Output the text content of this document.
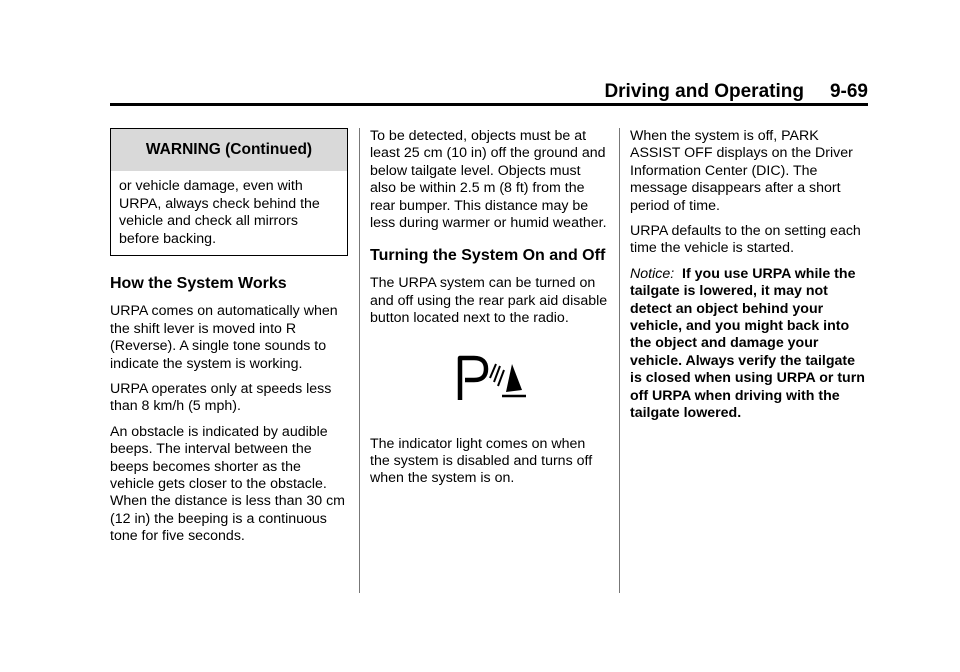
Driving and Operating 9-69
WARNING (Continued)
or vehicle damage, even with URPA, always check behind the vehicle and check all mirrors before backing.
How the System Works

URPA comes on automatically when the shift lever is moved into R (Reverse). A single tone sounds to indicate the system is working.

URPA operates only at speeds less than 8 km/h (5 mph).

An obstacle is indicated by audible beeps. The interval between the beeps becomes shorter as the vehicle gets closer to the obstacle. When the distance is less than 30 cm (12 in) the beeping is a continuous tone for five seconds.

To be detected, objects must be at least 25 cm (10 in) off the ground and below tailgate level. Objects must also be within 2.5 m (8 ft) from the rear bumper. This distance may be less during warmer or humid weather.

Turning the System On and Off

The URPA system can be turned on and off using the rear park aid disable button located next to the radio.

The indicator light comes on when the system is disabled and turns off when the system is on.

When the system is off, PARK ASSIST OFF displays on the Driver Information Center (DIC). The message disappears after a short period of time.

URPA defaults to the on setting each time the vehicle is started.

Notice: If you use URPA while the tailgate is lowered, it may not detect an object behind your vehicle, and you might back into the object and damage your vehicle. Always verify the tailgate is closed when using URPA or turn off URPA when driving with the tailgate lowered.
